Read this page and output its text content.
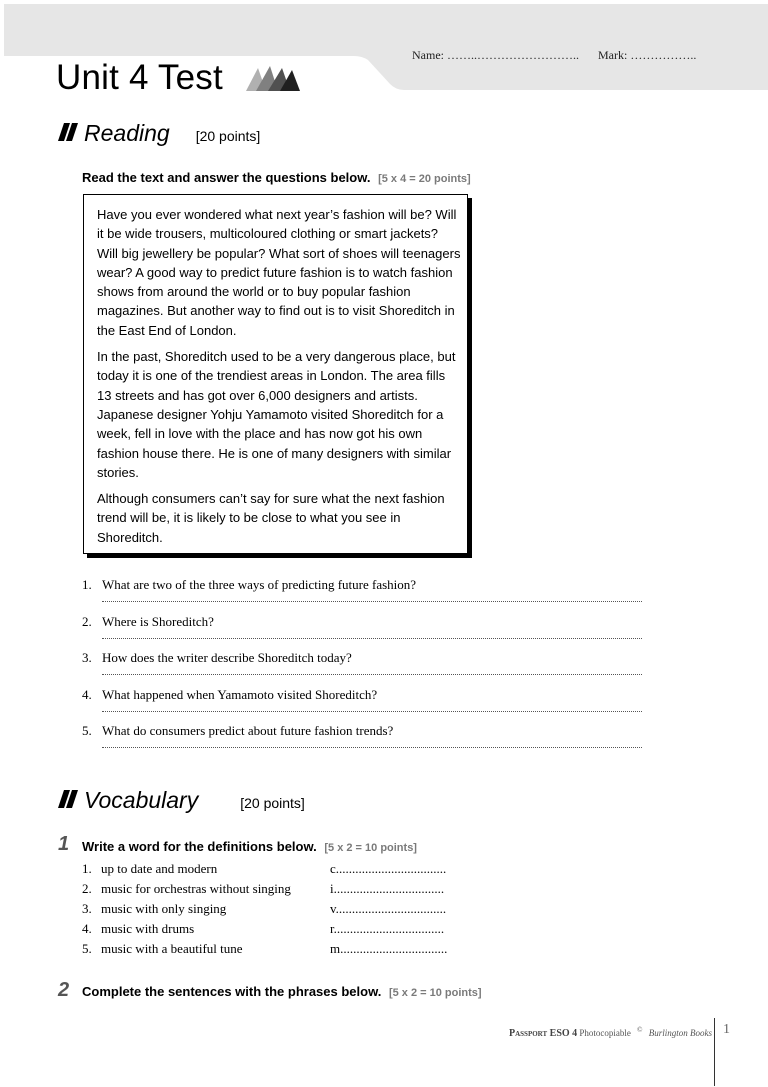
Name: ……..…………………….. Mark: ……………..
Unit 4 Test
Reading [20 points]
Read the text and answer the questions below. [5 x 4 = 20 points]

Have you ever wondered what next year’s fashion will be? Will it be wide trousers, multicoloured clothing or smart jackets? Will big jewellery be popular? What sort of shoes will teenagers wear? A good way to predict future fashion is to watch fashion shows from around the world or to buy popular fashion magazines. But another way to find out is to visit Shoreditch in the East End of London.

In the past, Shoreditch used to be a very dangerous place, but today it is one of the trendiest areas in London. The area fills 13 streets and has got over 6,000 designers and artists. Japanese designer Yohju Yamamoto visited Shoreditch for a week, fell in love with the place and has now got his own fashion house there. He is one of many designers with similar stories.

Although consumers can’t say for sure what the next fashion trend will be, it is likely to be close to what you see in Shoreditch.

1. What are two of the three ways of predicting future fashion?
2. Where is Shoreditch?
3. How does the writer describe Shoreditch today?
4. What happened when Yamamoto visited Shoreditch?
5. What do consumers predict about future fashion trends?
Vocabulary	[20 points]
1 Write a word for the definitions below. [5 x 2 = 10 points]
1. up to date and modern	c..................................
2. music for orchestras without singing	i..................................
3. music with only singing	v..................................
4. music with drums	r..................................
5. music with a beautiful tune	m.................................
2 Complete the sentences with the phrases below. [5 x 2 = 10 points]
Passport ESO 4 Photocopiable © Burlington Books 1
